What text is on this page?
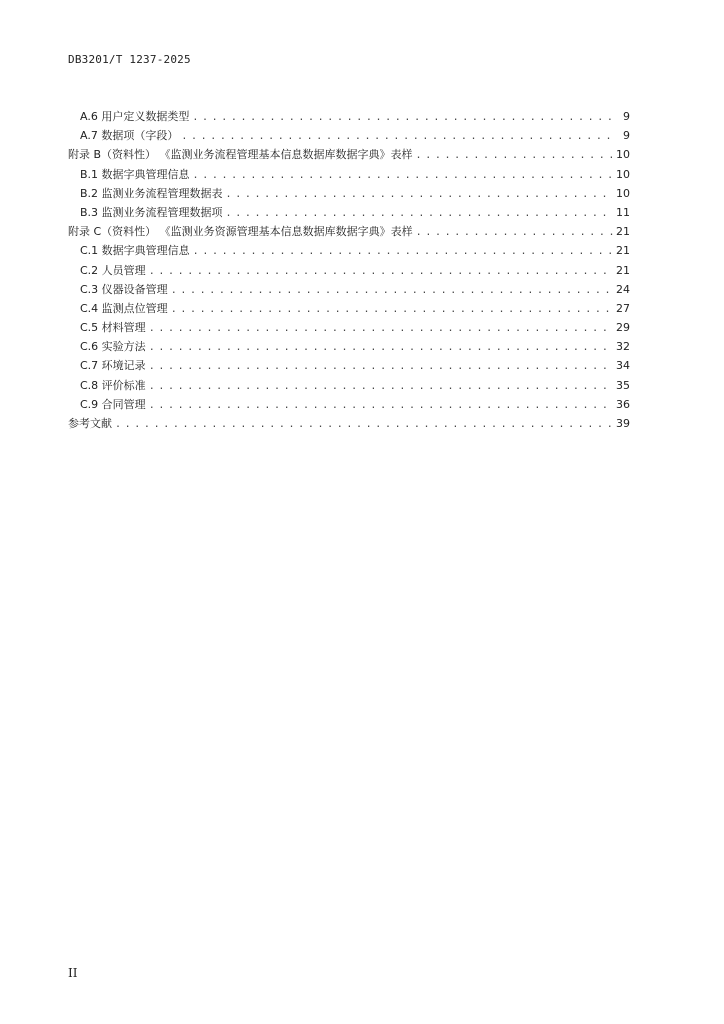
DB3201/T 1237-2025
A.6 用户定义数据类型 . . .	9
A.7 数据项（字段） . . .	9
附录 B（资料性） 《监测业务流程管理基本信息数据库数据字典》表样 . . .	10
B.1 数据字典管理信息 . . .	10
B.2 监测业务流程管理数据表 . . .	10
B.3 监测业务流程管理数据项 . . .	11
附录 C（资料性） 《监测业务资源管理基本信息数据库数据字典》表样 . . .	21
C.1 数据字典管理信息 . . .	21
C.2 人员管理 . . .	21
C.3 仪器设备管理 . . .	24
C.4 监测点位管理 . . .	27
C.5 材料管理 . . .	29
C.6 实验方法 . . .	32
C.7 环境记录 . . .	34
C.8 评价标准 . . .	35
C.9 合同管理 . . .	36
参考文献 . . .	39
II
